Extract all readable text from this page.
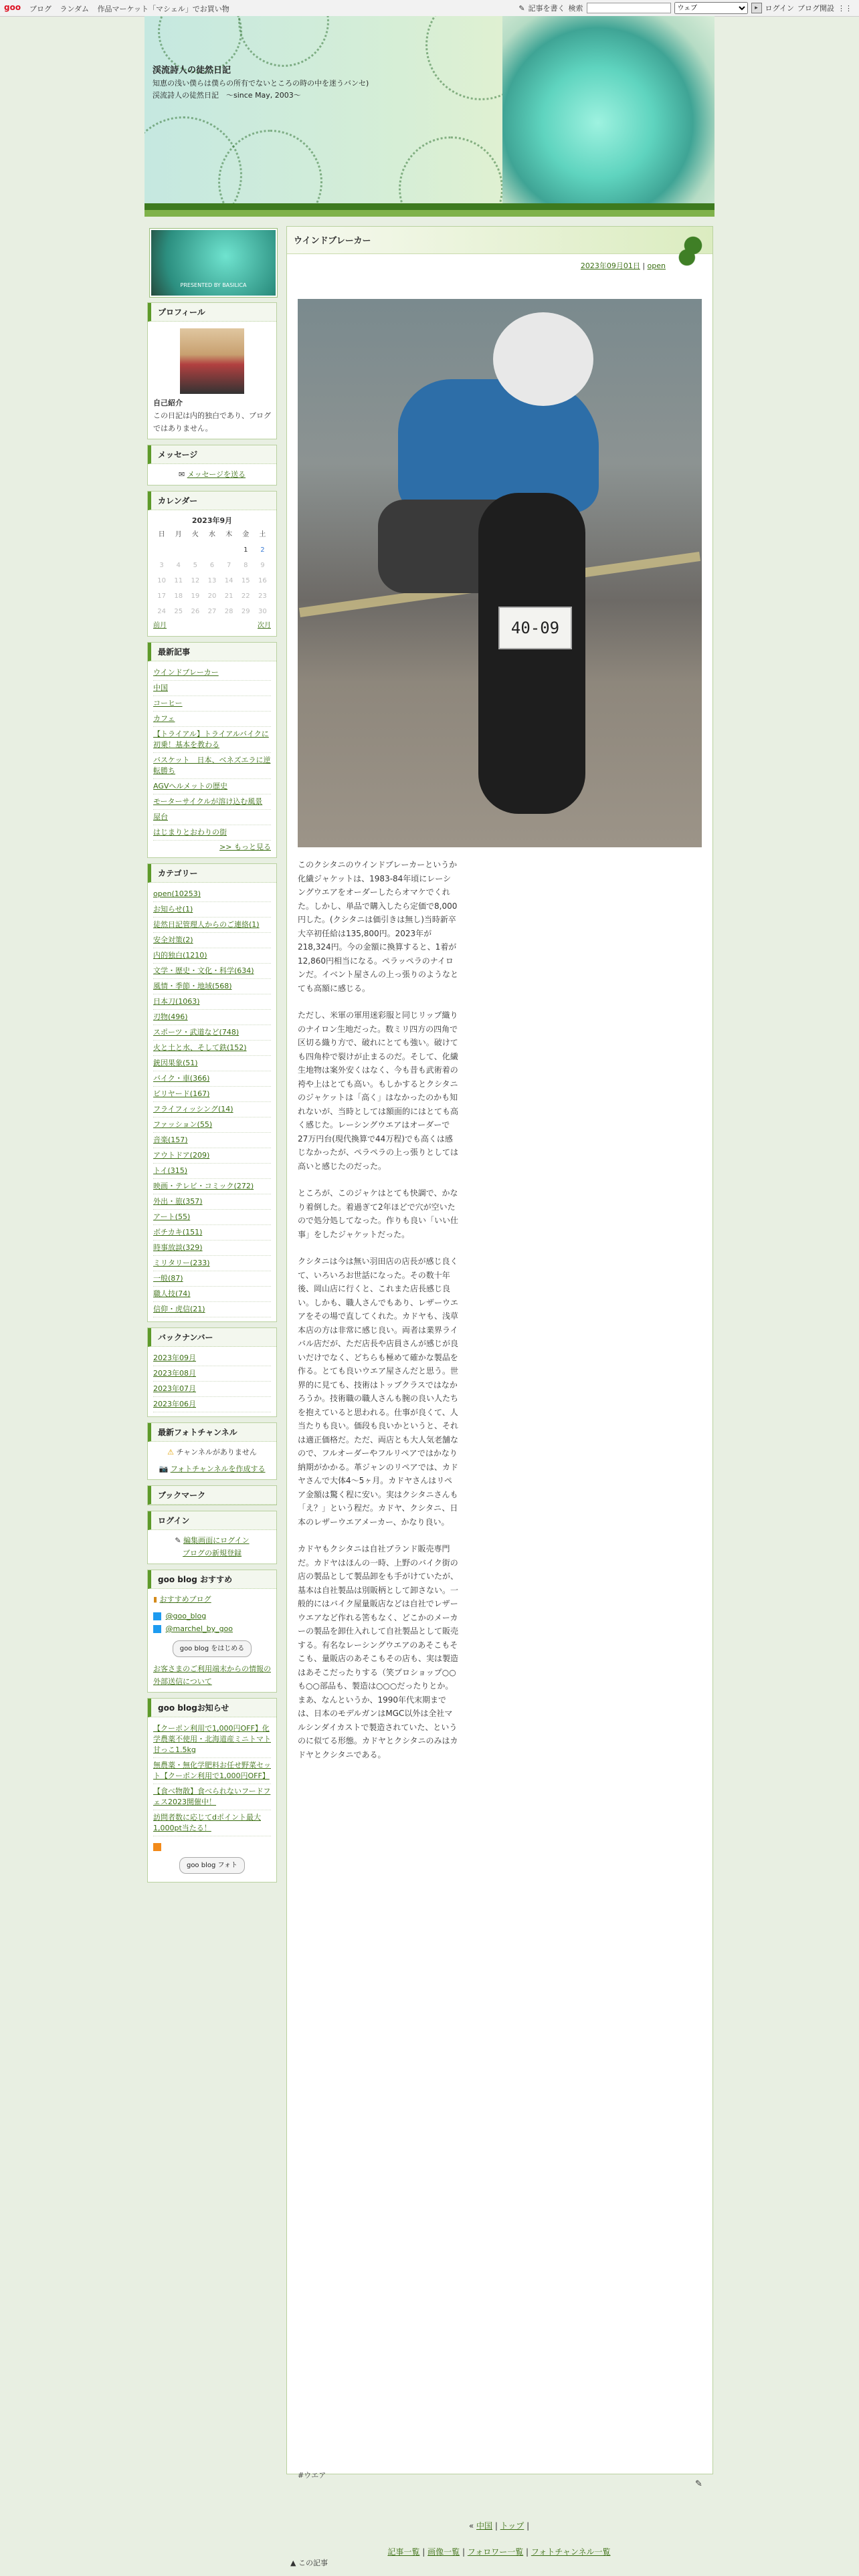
goo ブログ ランダム 作品マーケット「マシェル」でお買い物	✎ 記事を書く 検索
ウェブ	▸ ログイン ブログ開設 ⋮⋮
渓流詩人の徒然日記
知恵の浅い僕らは僕らの所有でないところの時の中を迷うバンセ)　渓流詩人の徒然日記　〜since May, 2003〜
PRESENTED BY BASILICA
プロフィール
自己紹介
この日記は内的独白であり、ブログではありません。
メッセージ
✉ メッセージを送る
カレンダー
2023年9月
日	月	火	水	木	金	土
					1	2
3	4	5	6	7	8	9
10	11	12	13	14	15	16
17	18	19	20	21	22	23
24	25	26	27	28	29	30
前月	次月
最新記事
ウインドブレーカー
中国
コーヒー
カフェ
【トライアル】トライアルバイクに初乗！基本を教わる
バスケット　日本、ベネズエラに逆転勝ち
AGVヘルメットの歴史
モーターサイクルが溶け込む風景
屋台
はじまりとおわりの街
>> もっと見る
カテゴリー
open(10253)
お知らせ(1)
徒然日記管理人からのご連絡(1)
安全対策(2)
内的独白(1210)
文学・歴史・文化・科学(634)
風情・季節・地域(568)
日本刀(1063)
刃物(496)
スポーツ・武道など(748)
火と土と水、そして鉄(152)
銃因果象(51)
バイク・車(366)
ビリヤード(167)
フライフィッシング(14)
ファッション(55)
音楽(157)
アウトドア(209)
トイ(315)
映画・テレビ・コミック(272)
外出・旅(357)
アート(55)
ボチカキ(151)
時事放談(329)
ミリタリー(233)
一般(87)
職人技(74)
信仰・虎信(21)
バックナンバー
2023年09月
2023年08月
2023年07月
2023年06月
最新フォトチャンネル
⚠ チャンネルがありません
📷 フォトチャンネルを作成する
ブックマーク
ログイン
✎ 編集画面にログイン
ブログの新規登録
goo blog おすすめ
▮ おすすめブログ
@goo_blog
@marchel_by_goo
goo blog をはじめる
お客さまのご利用端末からの情報の外部送信について
goo blogお知らせ
【クーポン利用で1,000円OFF】化学農薬不使用・北海道産ミニトマト甘っこ1.5kg
無農薬・無化学肥料お任せ野菜セット【クーポン利用で1,000円OFF】
【食べ物散】食べられないフードフェス2023開催中！
訪問者数に応じてdポイント最大1,000pt当たる！
goo blog フォト
ウインドブレーカー
2023年09月01日 | open
40-09

このクシタニのウインドブレーカーというか化繊ジャケットは、1983-84年頃にレーシングウエアをオーダーしたらオマケでくれた。しかし、単品で購入したら定価で8,000円した。(クシタニは価引きは無し)当時新卒大卒初任給は135,800円。2023年が218,324円。今の金額に換算すると、1着が12,860円相当になる。ペラッペラのナイロンだ。イベント屋さんの上っ張りのようなとても高額に感じる。

ただし、米軍の軍用迷彩服と同じリップ織りのナイロン生地だった。数ミリ四方の四角で区切る織り方で、破れにとても強い。破けても四角枠で裂けが止まるのだ。そして、化繊生地物は案外安くはなく、今も昔も武術着の袴や上はとても高い。もしかするとクシタニのジャケットは「高く」はなかったのかも知れないが、当時としては額面的にはとても高く感じた。レーシングウエアはオーダーで27万円台(現代換算で44万程)でも高くは感じなかったが、ペラペラの上っ張りとしては高いと感じたのだった。

ところが、このジャケはとても快調で、かなり着倒した。着過ぎて2年ほどで穴が空いたので処分処してなった。作りも良い「いい仕事」をしたジャケットだった。

クシタニは今は無い羽田店の店長が感じ良くて、いろいろお世話になった。その数十年後、岡山店に行くと、これまた店長感じ良い。しかも、職人さんでもあり、レザーウエアをその場で直してくれた。カドヤも、浅草本店の方は非常に感じ良い。両者は業界ライバル店だが、ただ店長や店員さんが感じが良いだけでなく、どちらも極めて確かな製品を作る。とても良いウエア屋さんだと思う。世界的に見ても、技術はトップクラスではなかろうか。技術職の職人さんも腕の良い人たちを抱えていると思われる。仕事が良くて、人当たりも良い。価段も良いかというと、それは適正価格だ。ただ、両店とも大人気老舗なので、フルオーダーやフルリペアではかなり納期がかかる。革ジャンのリペアでは、カドヤさんで大体4〜5ヶ月。カドヤさんはリペア金額は驚く程に安い。実はクシタニさんも「え？」という程だ。カドヤ、クシタニ、日本のレザーウエアメーカー、かなり良い。

カドヤもクシタニは自社ブランド販売専門だ。カドヤはほんの一時、上野のバイク街の店の製品として製品卸をも手がけていたが、基本は自社製品は別販柄として卸さない。一般的にはバイク屋量販店などは自社でレザーウエアなど作れる筈もなく、どこかのメーカーの製品を卸仕入れして自社製品として販売する。有名なレーシングウエアのあそこもそこも、量販店のあそこもその店も、実は製造はあそこだったりする（笑プロショップ○○も○○部品も、製造は○○○だったりとか。まあ、なんというか、1990年代末期までは、日本のモデルガンはMGC以外は全社マルシンダイカストで製造されていた、というのに似てる形態。カドヤとクシタニのみはカドヤとクシタニである。

#ウエア
✎
« 中国 | トップ |
記事一覧 | 画像一覧 | フォロワー一覧 | フォトチャンネル一覧
▲ この記事
